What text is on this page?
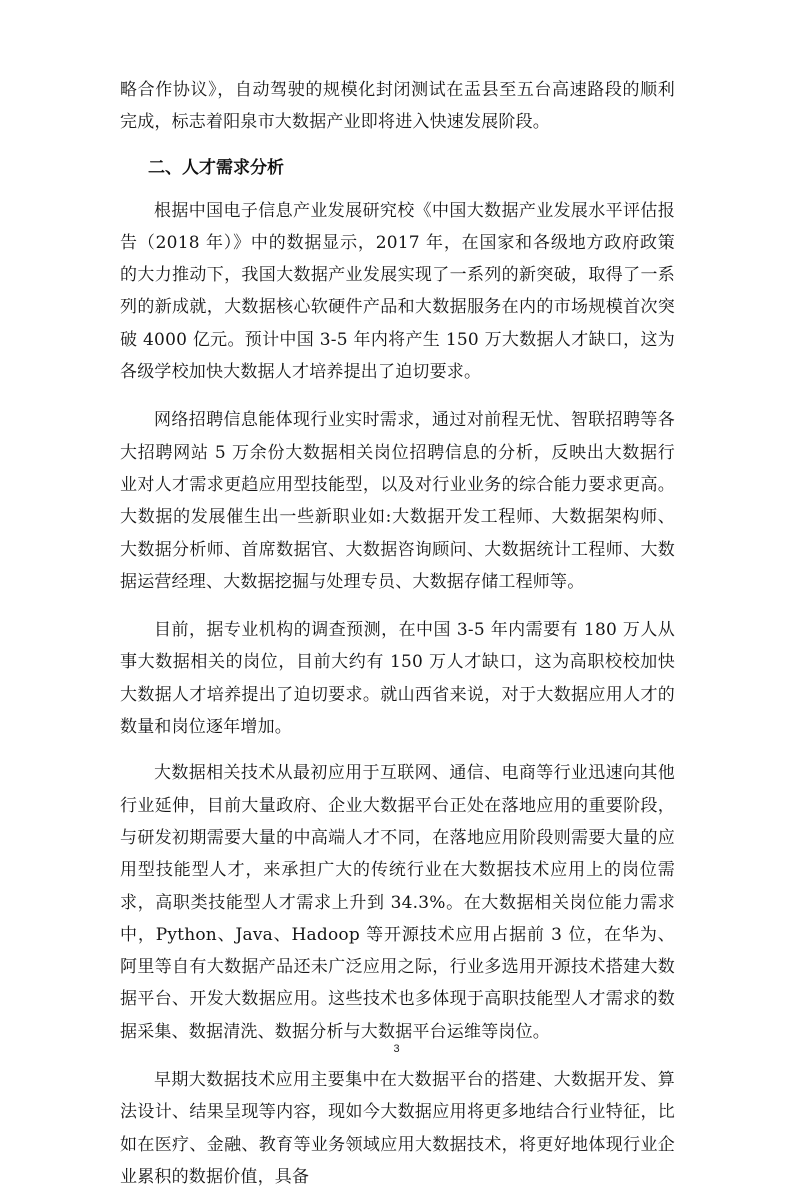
略合作协议》，自动驾驶的规模化封闭测试在盂县至五台高速路段的顺利完成，标志着阳泉市大数据产业即将进入快速发展阶段。

二、人才需求分析

根据中国电子信息产业发展研究校《中国大数据产业发展水平评估报告（2018 年）》中的数据显示，2017 年，在国家和各级地方政府政策的大力推动下，我国大数据产业发展实现了一系列的新突破，取得了一系列的新成就，大数据核心软硬件产品和大数据服务在内的市场规模首次突破 4000 亿元。预计中国 3-5 年内将产生 150 万大数据人才缺口，这为各级学校加快大数据人才培养提出了迫切要求。

网络招聘信息能体现行业实时需求，通过对前程无忧、智联招聘等各大招聘网站 5 万余份大数据相关岗位招聘信息的分析，反映出大数据行业对人才需求更趋应用型技能型，以及对行业业务的综合能力要求更高。大数据的发展催生出一些新职业如:大数据开发工程师、大数据架构师、大数据分析师、首席数据官、大数据咨询顾问、大数据统计工程师、大数据运营经理、大数据挖掘与处理专员、大数据存储工程师等。

目前，据专业机构的调查预测，在中国 3-5 年内需要有 180 万人从事大数据相关的岗位，目前大约有 150 万人才缺口，这为高职校校加快大数据人才培养提出了迫切要求。就山西省来说，对于大数据应用人才的数量和岗位逐年增加。

大数据相关技术从最初应用于互联网、通信、电商等行业迅速向其他行业延伸，目前大量政府、企业大数据平台正处在落地应用的重要阶段，与研发初期需要大量的中高端人才不同，在落地应用阶段则需要大量的应用型技能型人才，来承担广大的传统行业在大数据技术应用上的岗位需求，高职类技能型人才需求上升到 34.3%。在大数据相关岗位能力需求中，Python、Java、Hadoop 等开源技术应用占据前 3 位，在华为、阿里等自有大数据产品还未广泛应用之际，行业多选用开源技术搭建大数据平台、开发大数据应用。这些技术也多体现于高职技能型人才需求的数据采集、数据清洗、数据分析与大数据平台运维等岗位。

早期大数据技术应用主要集中在大数据平台的搭建、大数据开发、算法设计、结果呈现等内容，现如今大数据应用将更多地结合行业特征，比如在医疗、金融、教育等业务领域应用大数据技术，将更好地体现行业企业累积的数据价值，具备

3
